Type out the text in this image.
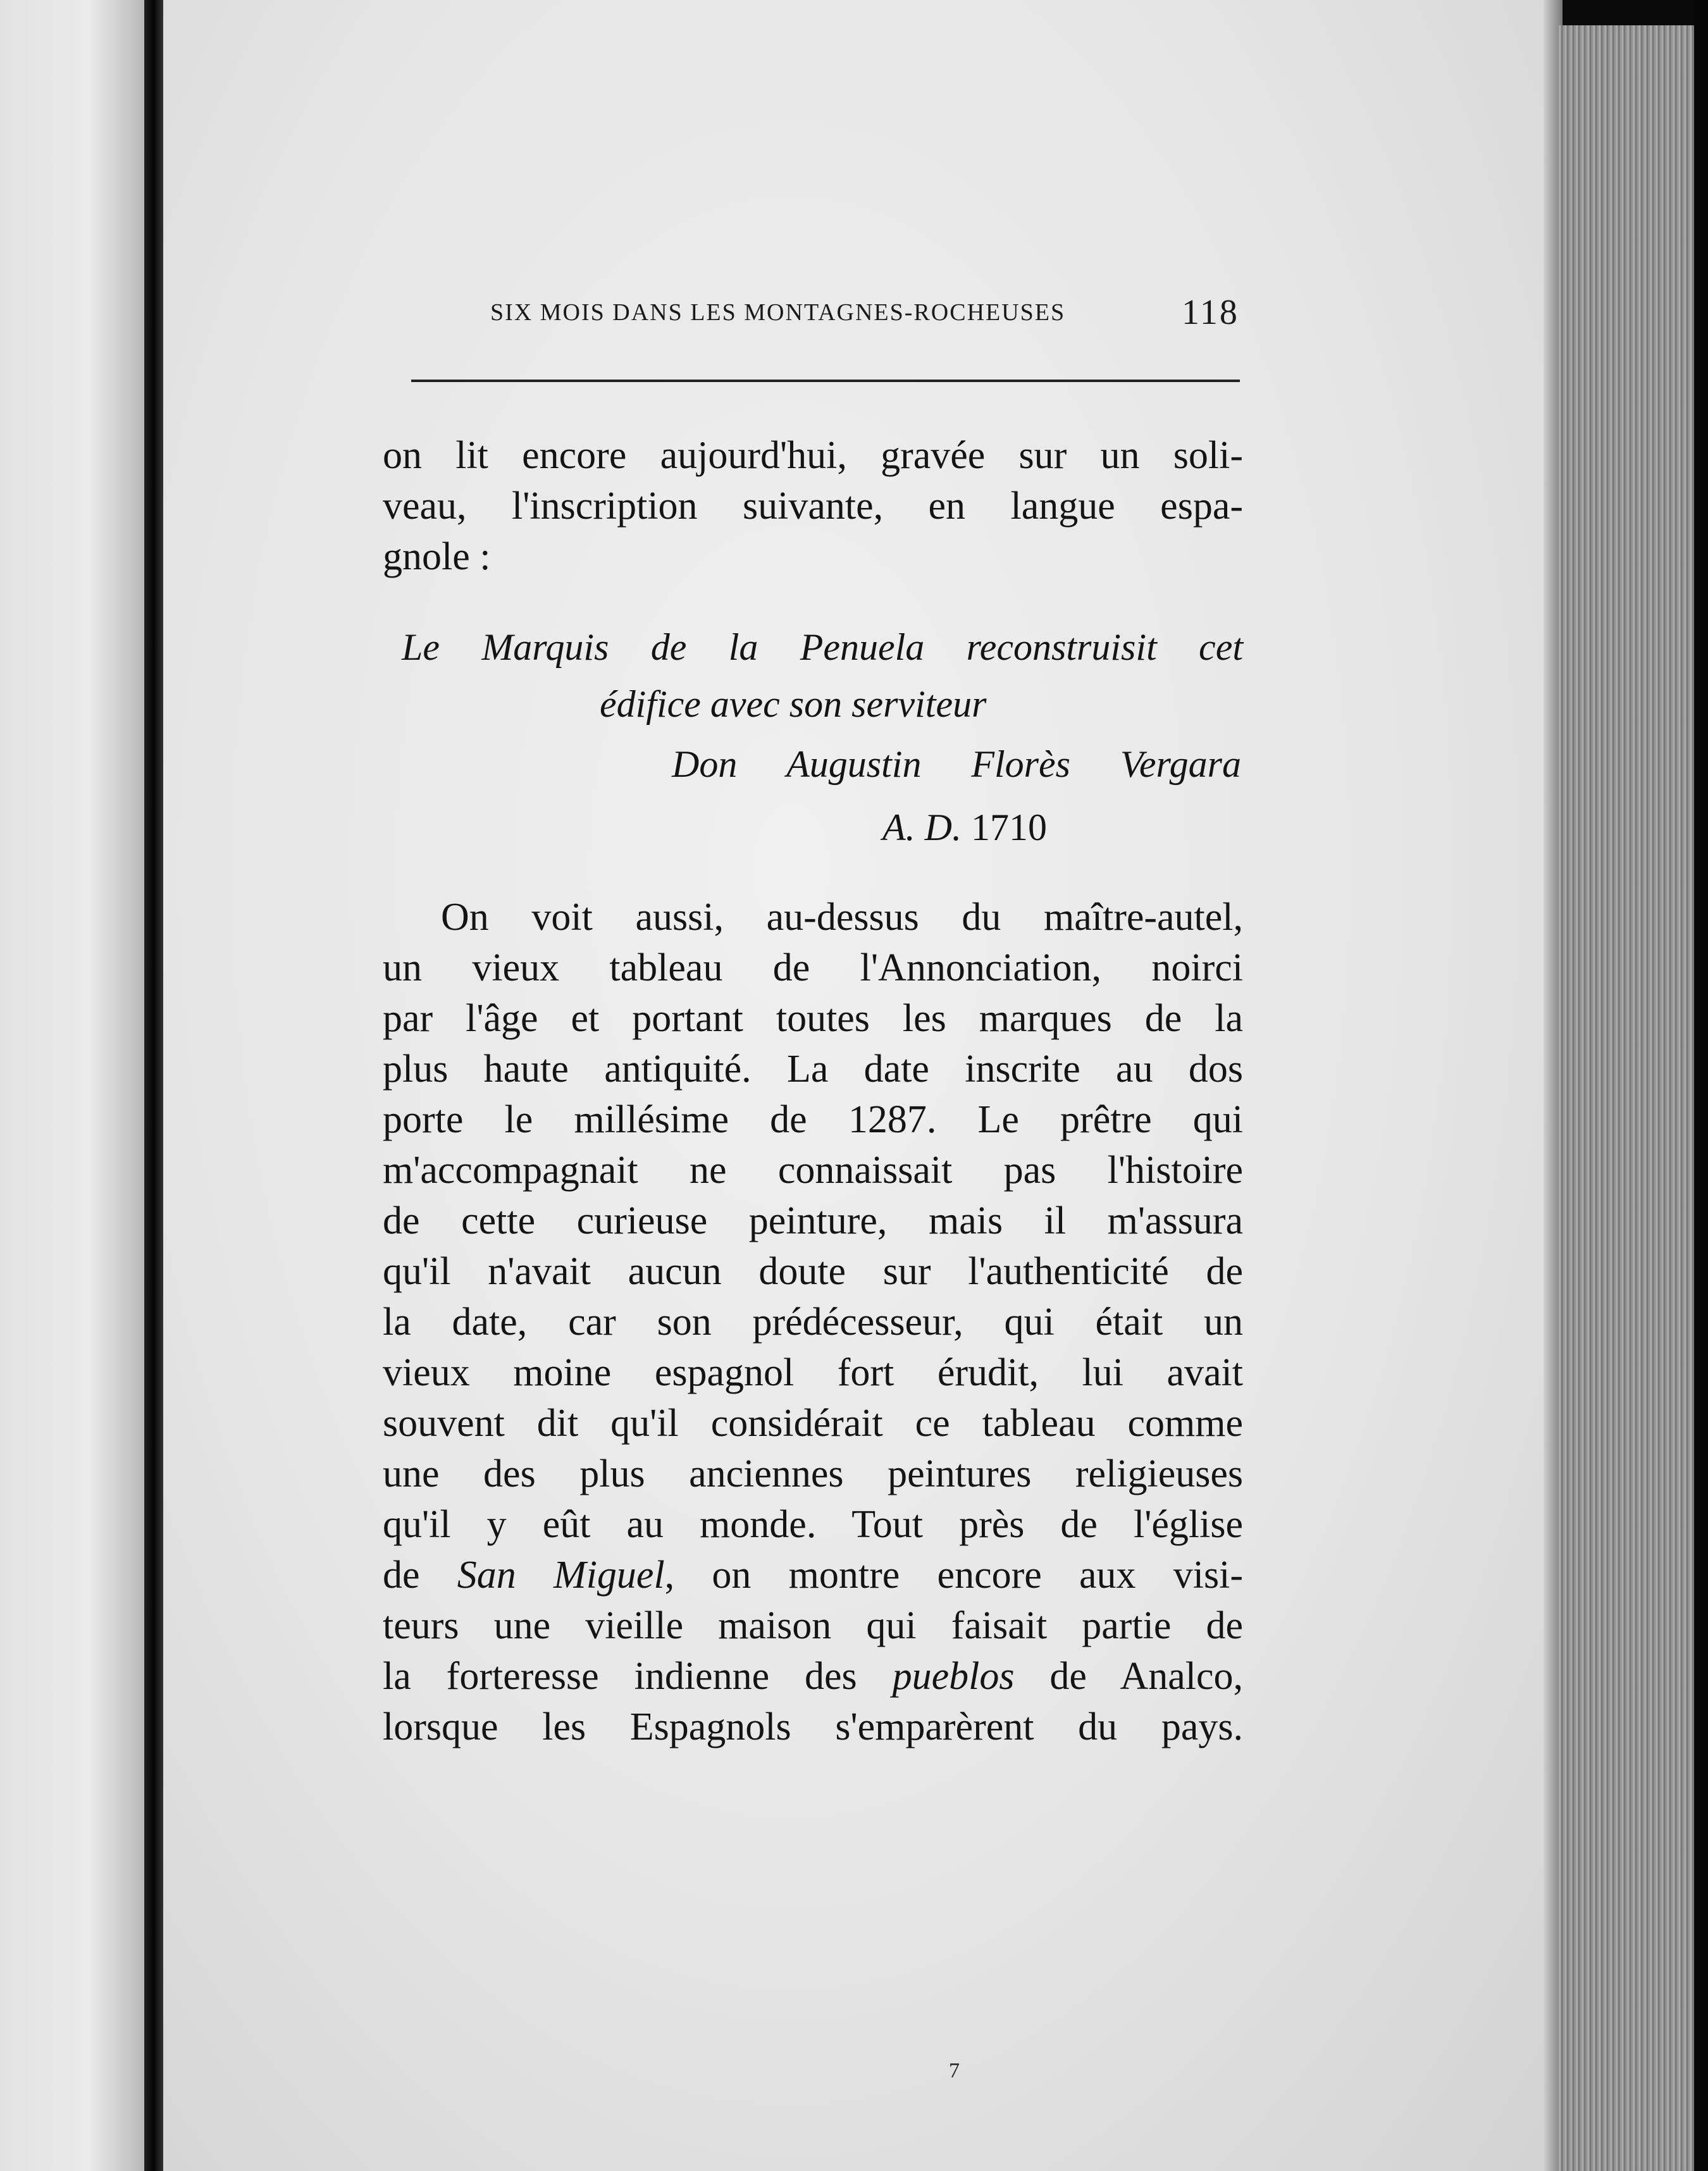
SIX MOIS DANS LES MONTAGNES-ROCHEUSES	118
on lit encore aujourd'hui, gravée sur un soli-
veau, l'inscription suivante, en langue espa-
gnole :
Le Marquis de la Penuela reconstruisit cet
édifice avec son serviteur
Don Augustin Florès Vergara
A. D. 1710
On voit aussi, au-dessus du maître-autel,
un vieux tableau de l'Annonciation, noirci
par l'âge et portant toutes les marques de la
plus haute antiquité. La date inscrite au dos
porte le millésime de 1287. Le prêtre qui
m'accompagnait ne connaissait pas l'histoire
de cette curieuse peinture, mais il m'assura
qu'il n'avait aucun doute sur l'authenticité de
la date, car son prédécesseur, qui était un
vieux moine espagnol fort érudit, lui avait
souvent dit qu'il considérait ce tableau comme
une des plus anciennes peintures religieuses
qu'il y eût au monde. Tout près de l'église
de San Miguel, on montre encore aux visi-
teurs une vieille maison qui faisait partie de
la forteresse indienne des pueblos de Analco,
lorsque les Espagnols s'emparèrent du pays.
7
